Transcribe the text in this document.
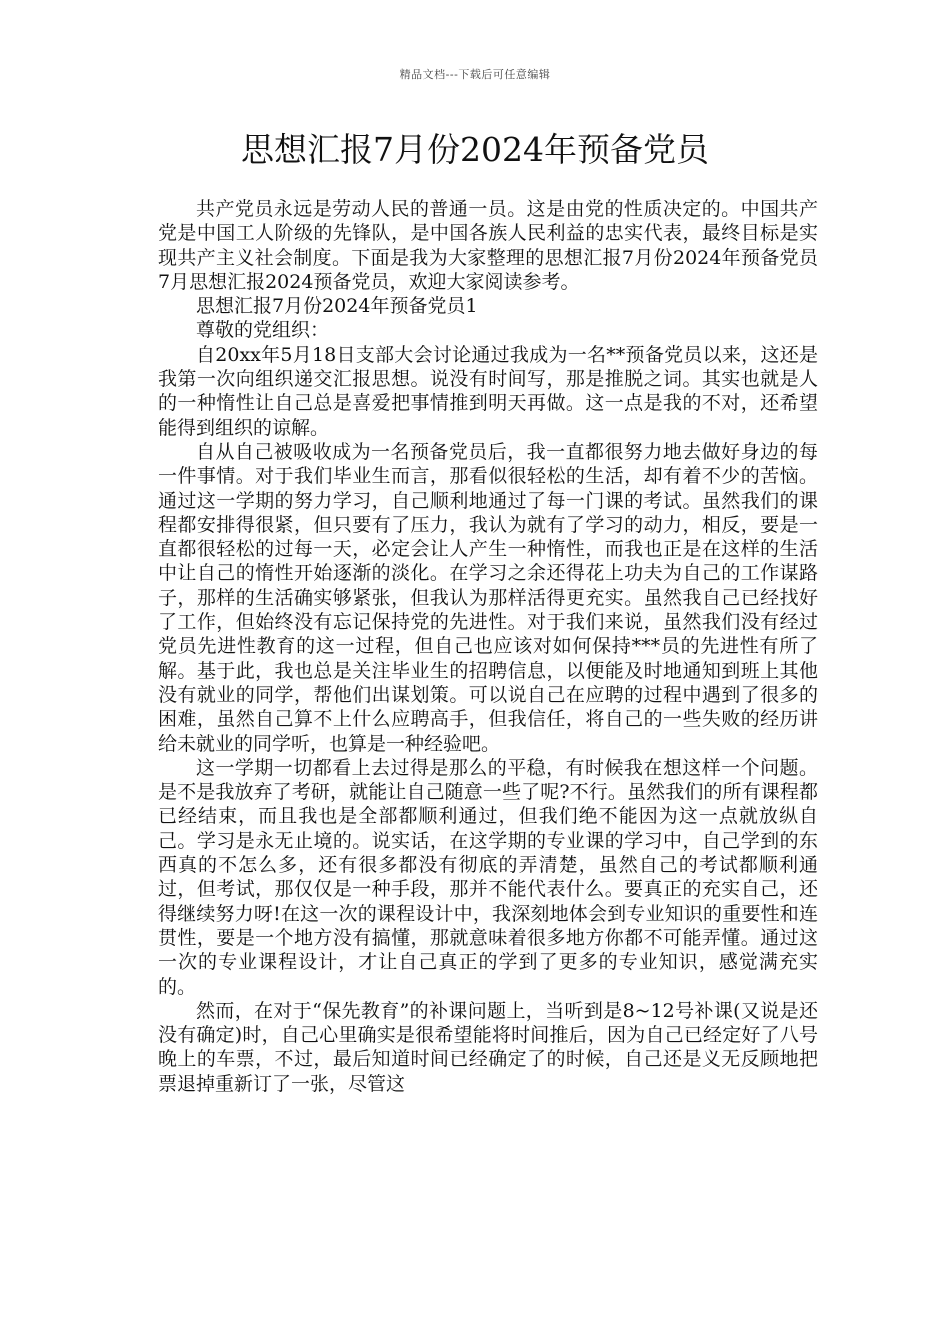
精品文档---下载后可任意编辑
思想汇报7月份2024年预备党员

共产党员永远是劳动人民的普通一员。这是由党的性质决定的。中国共产党是中国工人阶级的先锋队，是中国各族人民利益的忠实代表，最终目标是实现共产主义社会制度。下面是我为大家整理的思想汇报7月份2024年预备党员 7月思想汇报2024预备党员，欢迎大家阅读参考。

思想汇报7月份2024年预备党员1

尊敬的党组织：

自20xx年5月18日支部大会讨论通过我成为一名**预备党员以来，这还是我第一次向组织递交汇报思想。说没有时间写，那是推脱之词。其实也就是人的一种惰性让自己总是喜爱把事情推到明天再做。这一点是我的不对，还希望能得到组织的谅解。

自从自己被吸收成为一名预备党员后，我一直都很努力地去做好身边的每一件事情。对于我们毕业生而言，那看似很轻松的生活，却有着不少的苦恼。通过这一学期的努力学习，自己顺利地通过了每一门课的考试。虽然我们的课程都安排得很紧，但只要有了压力，我认为就有了学习的动力，相反，要是一直都很轻松的过每一天，必定会让人产生一种惰性，而我也正是在这样的生活中让自己的惰性开始逐渐的淡化。在学习之余还得花上功夫为自己的工作谋路子，那样的生活确实够紧张，但我认为那样活得更充实。虽然我自己已经找好了工作，但始终没有忘记保持党的先进性。对于我们来说，虽然我们没有经过党员先进性教育的这一过程，但自己也应该对如何保持***员的先进性有所了解。基于此，我也总是关注毕业生的招聘信息，以便能及时地通知到班上其他没有就业的同学，帮他们出谋划策。可以说自己在应聘的过程中遇到了很多的困难，虽然自己算不上什么应聘高手，但我信任，将自己的一些失败的经历讲给未就业的同学听，也算是一种经验吧。

这一学期一切都看上去过得是那么的平稳，有时候我在想这样一个问题。是不是我放弃了考研，就能让自己随意一些了呢?不行。虽然我们的所有课程都已经结束，而且我也是全部都顺利通过，但我们绝不能因为这一点就放纵自己。学习是永无止境的。说实话，在这学期的专业课的学习中，自己学到的东西真的不怎么多，还有很多都没有彻底的弄清楚，虽然自己的考试都顺利通过，但考试，那仅仅是一种手段，那并不能代表什么。要真正的充实自己，还得继续努力呀!在这一次的课程设计中，我深刻地体会到专业知识的重要性和连贯性，要是一个地方没有搞懂，那就意味着很多地方你都不可能弄懂。通过这一次的专业课程设计，才让自己真正的学到了更多的专业知识，感觉满充实的。

然而，在对于“保先教育”的补课问题上，当听到是8~12号补课(又说是还没有确定)时，自己心里确实是很希望能将时间推后，因为自己已经定好了八号晚上的车票，不过，最后知道时间已经确定了的时候，自己还是义无反顾地把票退掉重新订了一张，尽管这
